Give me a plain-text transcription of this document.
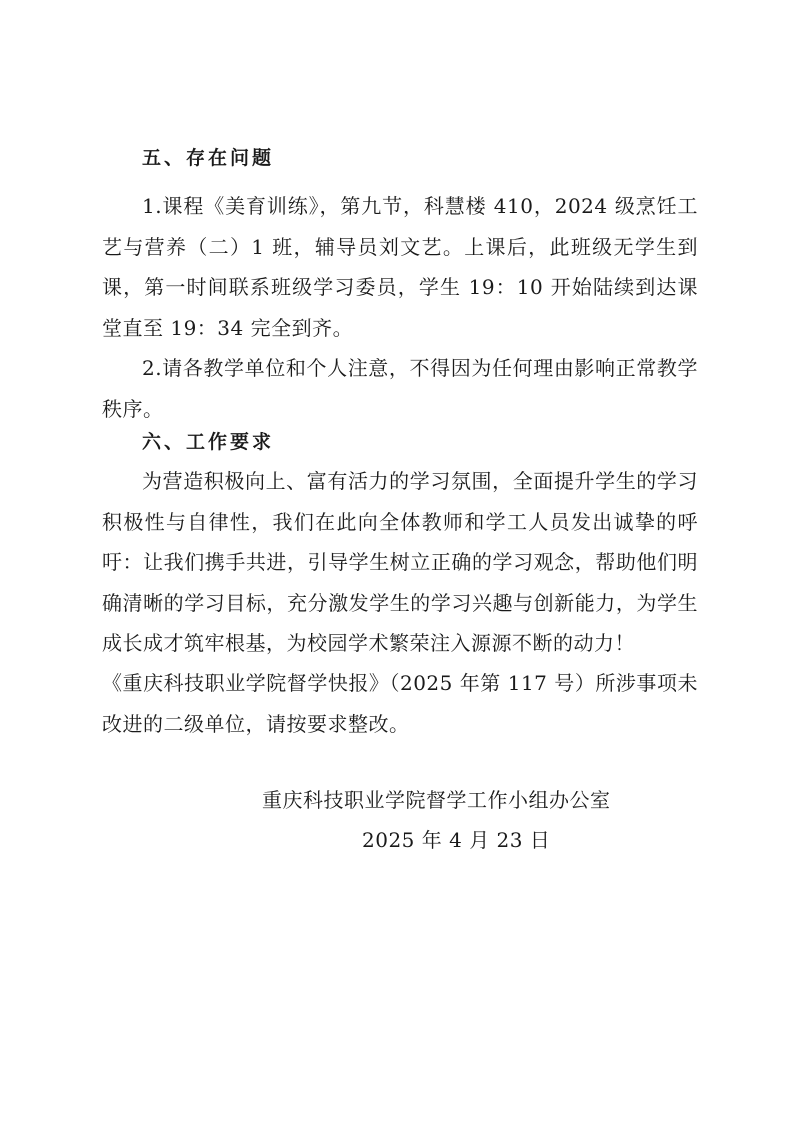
五、存在问题

1.课程《美育训练》，第九节，科慧楼 410，2024 级烹饪工艺与营养（二）1 班，辅导员刘文艺。上课后，此班级无学生到课，第一时间联系班级学习委员，学生 19：10 开始陆续到达课堂直至 19：34 完全到齐。

2.请各教学单位和个人注意，不得因为任何理由影响正常教学秩序。

六、工作要求

为营造积极向上、富有活力的学习氛围，全面提升学生的学习积极性与自律性，我们在此向全体教师和学工人员发出诚挚的呼吁：让我们携手共进，引导学生树立正确的学习观念，帮助他们明确清晰的学习目标，充分激发学生的学习兴趣与创新能力，为学生成长成才筑牢根基，为校园学术繁荣注入源源不断的动力！

《重庆科技职业学院督学快报》（2025 年第 117 号）所涉事项未改进的二级单位，请按要求整改。

重庆科技职业学院督学工作小组办公室
2025 年 4 月 23 日
